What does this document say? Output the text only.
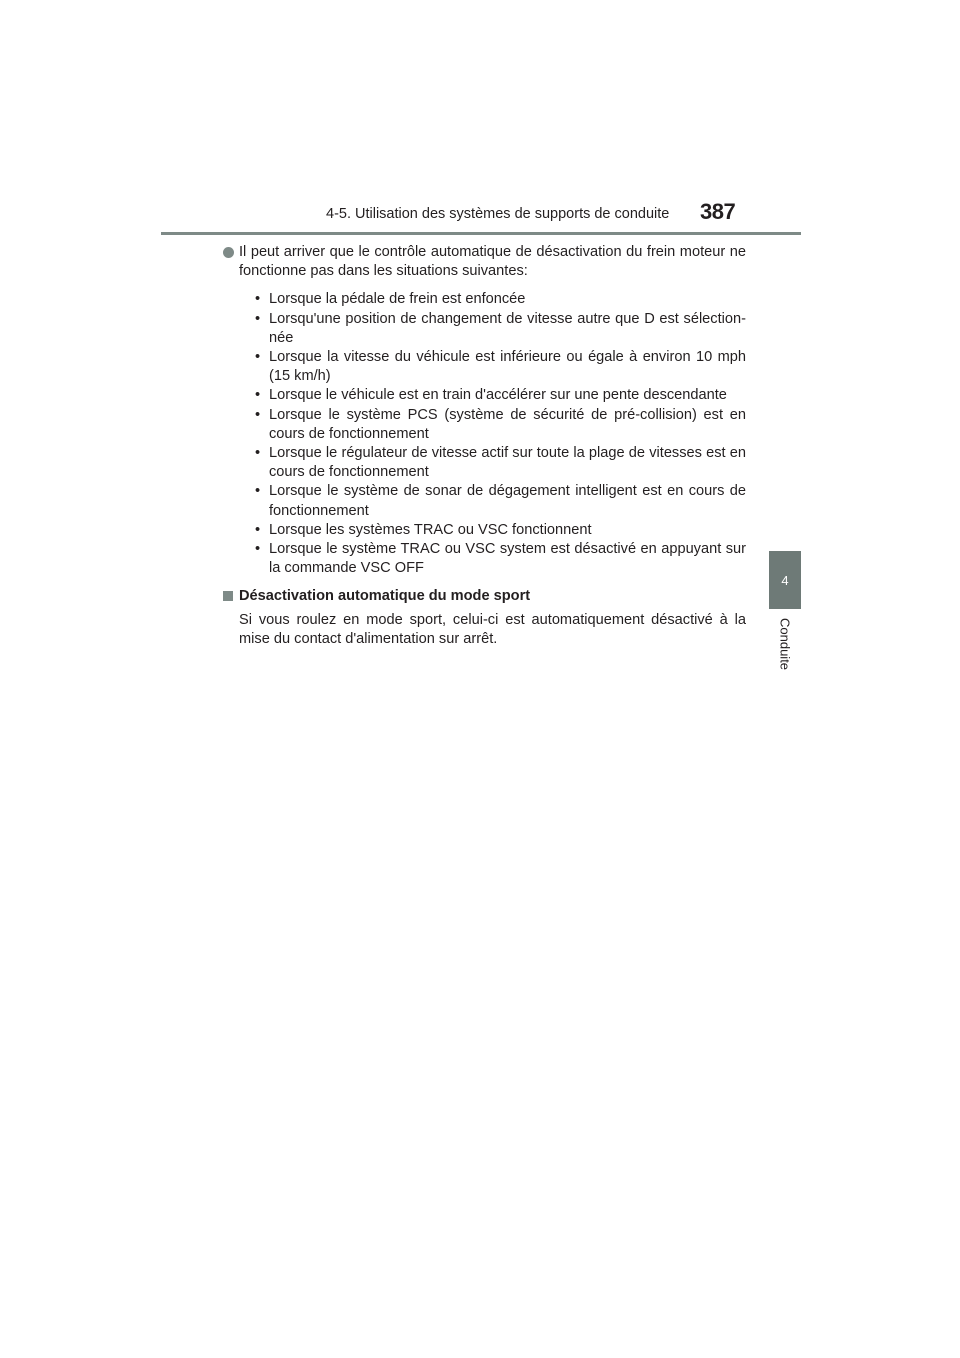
4-5. Utilisation des systèmes de supports de conduite 387
4
Conduite
Il peut arriver que le contrôle automatique de désactivation du frein moteur ne fonctionne pas dans les situations suivantes:
• Lorsque la pédale de frein est enfoncée
• Lorsqu'une position de changement de vitesse autre que D est sélection-née
• Lorsque la vitesse du véhicule est inférieure ou égale à environ 10 mph (15 km/h)
• Lorsque le véhicule est en train d'accélérer sur une pente descendante
• Lorsque le système PCS (système de sécurité de pré-collision) est en cours de fonctionnement
• Lorsque le régulateur de vitesse actif sur toute la plage de vitesses est en cours de fonctionnement
• Lorsque le système de sonar de dégagement intelligent est en cours de fonctionnement
• Lorsque les systèmes TRAC ou VSC fonctionnent
• Lorsque le système TRAC ou VSC system est désactivé en appuyant sur la commande VSC OFF
Désactivation automatique du mode sport
Si vous roulez en mode sport, celui-ci est automatiquement désactivé à la mise du contact d'alimentation sur arrêt.
